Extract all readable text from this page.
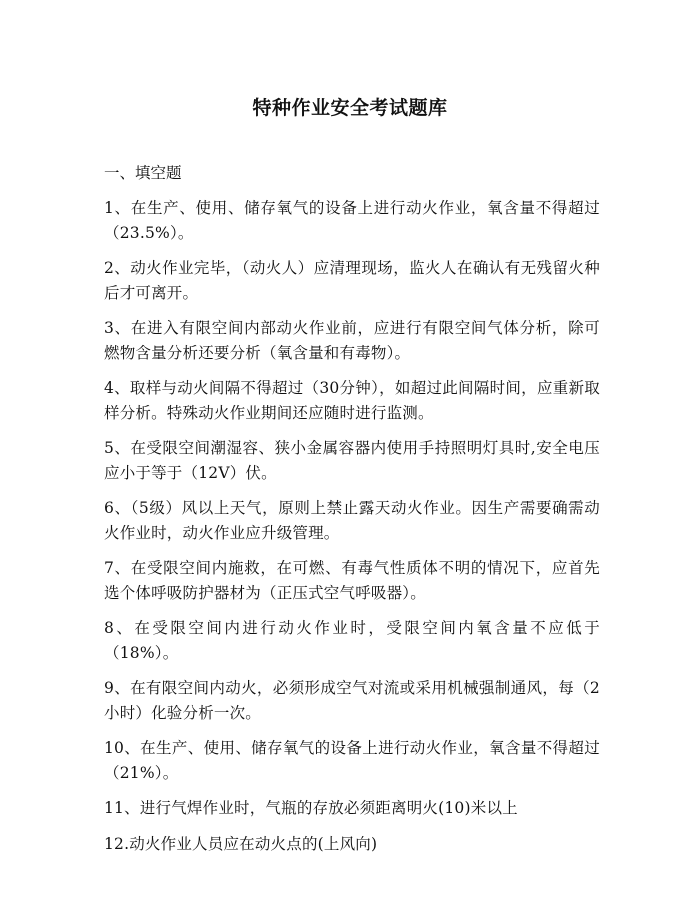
特种作业安全考试题库
一、填空题

1、在生产、使用、储存氧气的设备上进行动火作业，氧含量不得超过（23.5%）。

2、动火作业完毕，（动火人）应清理现场，监火人在确认有无残留火种后才可离开。

3、在进入有限空间内部动火作业前，应进行有限空间气体分析，除可燃物含量分析还要分析（氧含量和有毒物）。

4、取样与动火间隔不得超过（30分钟），如超过此间隔时间，应重新取样分析。特殊动火作业期间还应随时进行监测。

5、在受限空间潮湿容、狭小金属容器内使用手持照明灯具时,安全电压应小于等于（12V）伏。

6、（5级）风以上天气，原则上禁止露天动火作业。因生产需要确需动火作业时，动火作业应升级管理。

7、在受限空间内施救，在可燃、有毒气性质体不明的情况下，应首先选个体呼吸防护器材为（正压式空气呼吸器）。

8、在受限空间内进行动火作业时，受限空间内氧含量不应低于（18%）。

9、在有限空间内动火，必须形成空气对流或采用机械强制通风，每（2小时）化验分析一次。

10、在生产、使用、储存氧气的设备上进行动火作业，氧含量不得超过（21%）。

11、进行气焊作业时，气瓶的存放必须距离明火(10)米以上

12.动火作业人员应在动火点的(上风向)
